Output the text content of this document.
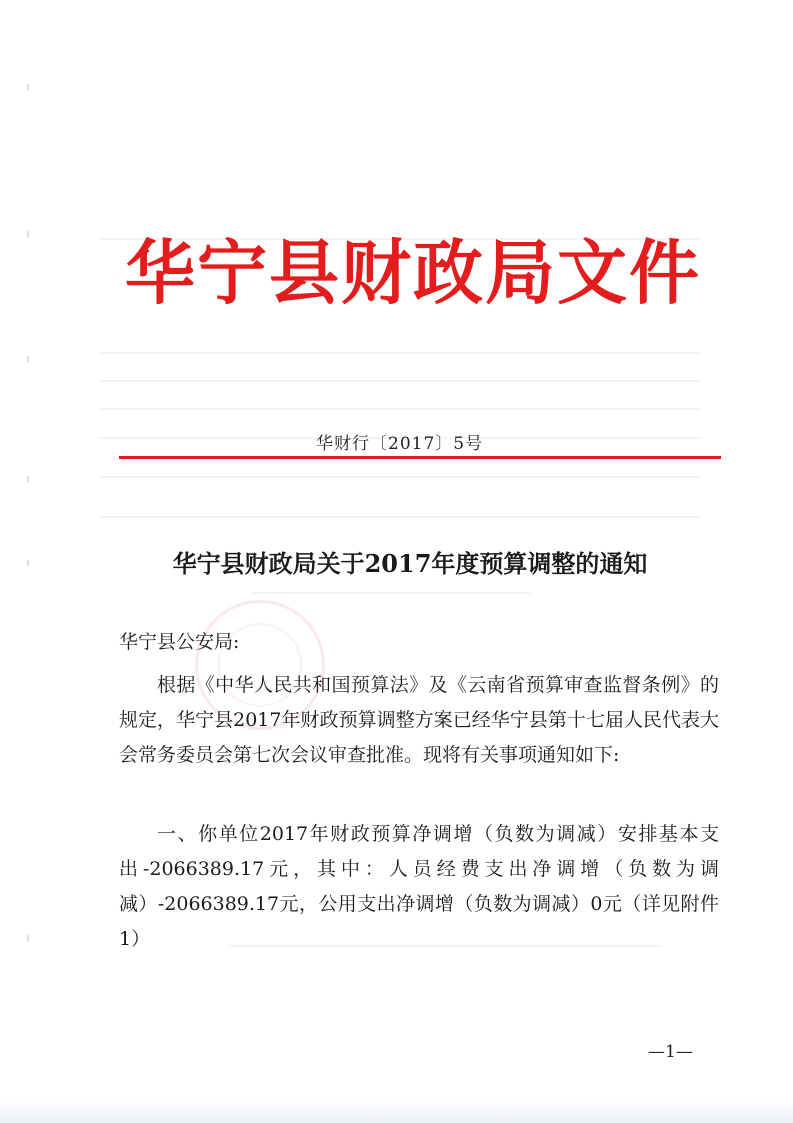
华宁县财政局文件
华财行〔2017〕5号
华宁县财政局关于2017年度预算调整的通知
华宁县公安局:

根据《中华人民共和国预算法》及《云南省预算审查监督条例》的规定，华宁县2017年财政预算调整方案已经华宁县第十七届人民代表大会常务委员会第七次会议审查批准。现将有关事项通知如下:

一、你单位2017年财政预算净调增（负数为调减）安排基本支出-2066389.17元，其中：人员经费支出净调增（负数为调减）-2066389.17元，公用支出净调增（负数为调减）0元（详见附件1）

—1—
